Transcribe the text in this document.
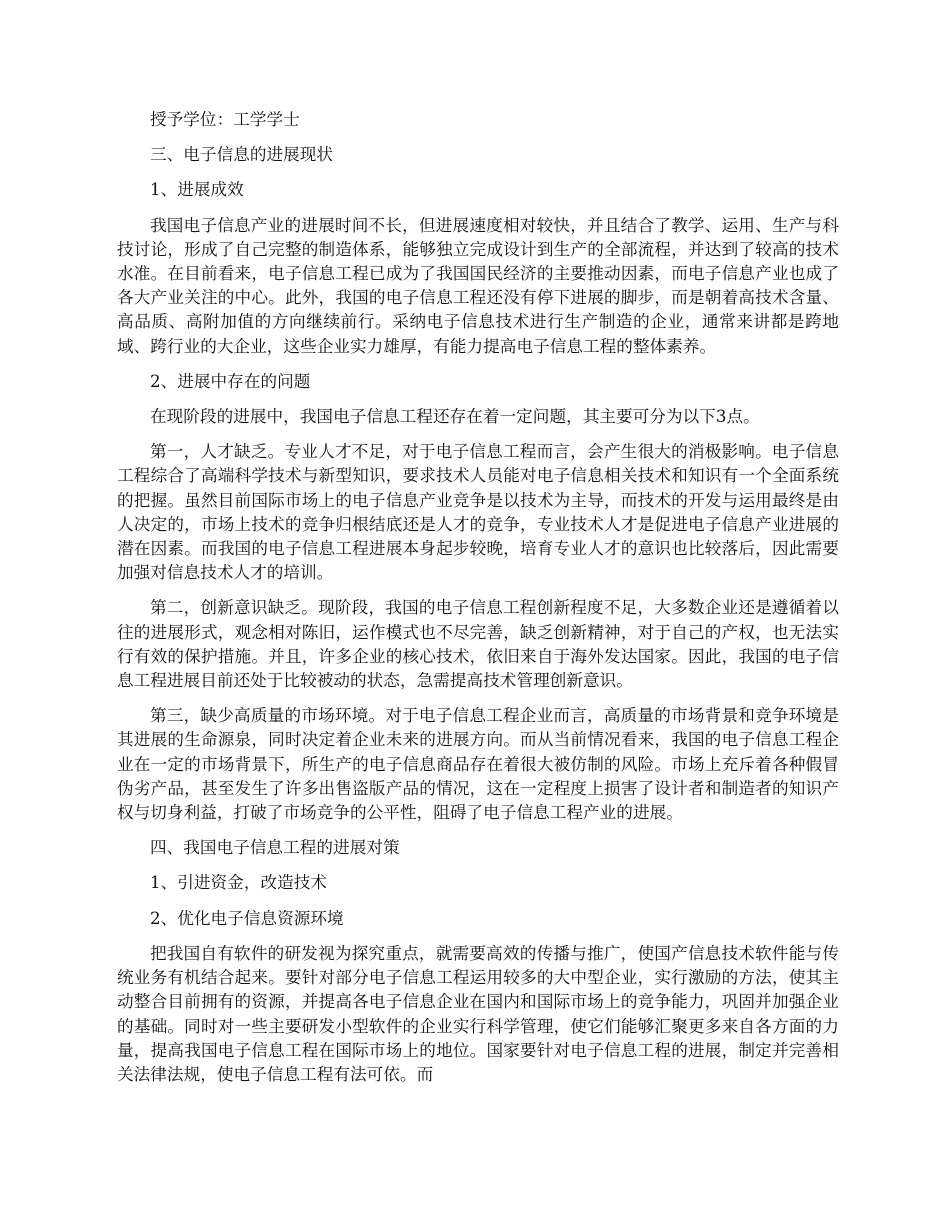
授予学位：工学学士

三、电子信息的进展现状

1、进展成效

我国电子信息产业的进展时间不长，但进展速度相对较快，并且结合了教学、运用、生产与科技讨论，形成了自己完整的制造体系，能够独立完成设计到生产的全部流程，并达到了较高的技术水准。在目前看来，电子信息工程已成为了我国国民经济的主要推动因素，而电子信息产业也成了各大产业关注的中心。此外，我国的电子信息工程还没有停下进展的脚步，而是朝着高技术含量、高品质、高附加值的方向继续前行。采纳电子信息技术进行生产制造的企业，通常来讲都是跨地域、跨行业的大企业，这些企业实力雄厚，有能力提高电子信息工程的整体素养。

2、进展中存在的问题

在现阶段的进展中，我国电子信息工程还存在着一定问题，其主要可分为以下3点。

第一，人才缺乏。专业人才不足，对于电子信息工程而言，会产生很大的消极影响。电子信息工程综合了高端科学技术与新型知识，要求技术人员能对电子信息相关技术和知识有一个全面系统的把握。虽然目前国际市场上的电子信息产业竞争是以技术为主导，而技术的开发与运用最终是由人决定的，市场上技术的竞争归根结底还是人才的竞争，专业技术人才是促进电子信息产业进展的潜在因素。而我国的电子信息工程进展本身起步较晚，培育专业人才的意识也比较落后，因此需要加强对信息技术人才的培训。

第二，创新意识缺乏。现阶段，我国的电子信息工程创新程度不足，大多数企业还是遵循着以往的进展形式，观念相对陈旧，运作模式也不尽完善，缺乏创新精神，对于自己的产权，也无法实行有效的保护措施。并且，许多企业的核心技术，依旧来自于海外发达国家。因此，我国的电子信息工程进展目前还处于比较被动的状态，急需提高技术管理创新意识。

第三，缺少高质量的市场环境。对于电子信息工程企业而言，高质量的市场背景和竞争环境是其进展的生命源泉，同时决定着企业未来的进展方向。而从当前情况看来，我国的电子信息工程企业在一定的市场背景下，所生产的电子信息商品存在着很大被仿制的风险。市场上充斥着各种假冒伪劣产品，甚至发生了许多出售盗版产品的情况，这在一定程度上损害了设计者和制造者的知识产权与切身利益，打破了市场竞争的公平性，阻碍了电子信息工程产业的进展。

四、我国电子信息工程的进展对策

1、引进资金，改造技术

2、优化电子信息资源环境

把我国自有软件的研发视为探究重点，就需要高效的传播与推广，使国产信息技术软件能与传统业务有机结合起来。要针对部分电子信息工程运用较多的大中型企业，实行激励的方法，使其主动整合目前拥有的资源，并提高各电子信息企业在国内和国际市场上的竞争能力，巩固并加强企业的基础。同时对一些主要研发小型软件的企业实行科学管理，使它们能够汇聚更多来自各方面的力量，提高我国电子信息工程在国际市场上的地位。国家要针对电子信息工程的进展，制定并完善相关法律法规，使电子信息工程有法可依。而
